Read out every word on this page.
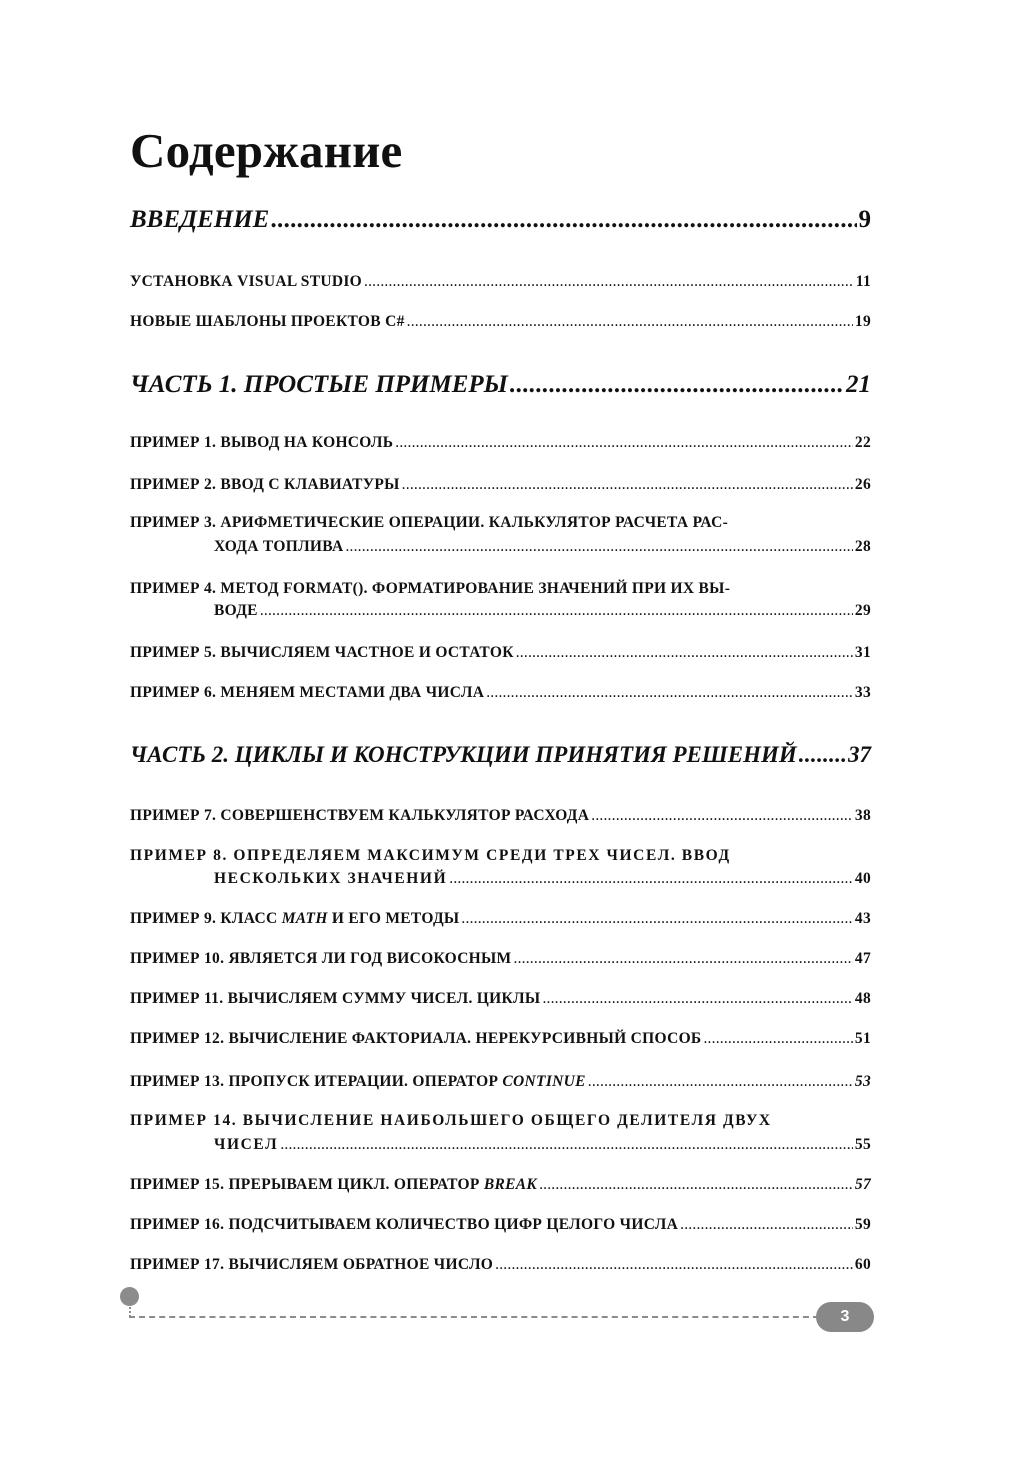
Содержание
ВВЕДЕНИЕ .....	9
УСТАНОВКА VISUAL STUDIO .....	11
НОВЫЕ ШАБЛОНЫ ПРОЕКТОВ C# .....	19
ЧАСТЬ 1. ПРОСТЫЕ ПРИМЕРЫ .....	21
ПРИМЕР 1. ВЫВОД НА КОНСОЛЬ .....	22
ПРИМЕР 2. ВВОД С КЛАВИАТУРЫ .....	26
ПРИМЕР 3. АРИФМЕТИЧЕСКИЕ ОПЕРАЦИИ. КАЛЬКУЛЯТОР РАСЧЕТА РАС-
ХОДА ТОПЛИВА .....	28
ПРИМЕР 4. МЕТОД FORMAT(). ФОРМАТИРОВАНИЕ ЗНАЧЕНИЙ ПРИ ИХ ВЫ-
ВОДЕ .....	29
ПРИМЕР 5. ВЫЧИСЛЯЕМ ЧАСТНОЕ И ОСТАТОК .....	31
ПРИМЕР 6. МЕНЯЕМ МЕСТАМИ ДВА ЧИСЛА .....	33
ЧАСТЬ 2. ЦИКЛЫ И КОНСТРУКЦИИ ПРИНЯТИЯ РЕШЕНИЙ ..... 37
ПРИМЕР 7. СОВЕРШЕНСТВУЕМ КАЛЬКУЛЯТОР РАСХОДА .....	38
ПРИМЕР 8. ОПРЕДЕЛЯЕМ МАКСИМУМ СРЕДИ ТРЕХ ЧИСЕЛ. ВВОД
НЕСКОЛЬКИХ ЗНАЧЕНИЙ .....	40
ПРИМЕР 9. КЛАСС MATH И ЕГО МЕТОДЫ .....	43
ПРИМЕР 10. ЯВЛЯЕТСЯ ЛИ ГОД ВИСОКОСНЫМ .....	47
ПРИМЕР 11. ВЫЧИСЛЯЕМ СУММУ ЧИСЕЛ. ЦИКЛЫ .....	48
ПРИМЕР 12. ВЫЧИСЛЕНИЕ ФАКТОРИАЛА. НЕРЕКУРСИВНЫЙ СПОСОБ .....	51
ПРИМЕР 13. ПРОПУСК ИТЕРАЦИИ. ОПЕРАТОР CONTINUE .....	53
ПРИМЕР 14. ВЫЧИСЛЕНИЕ НАИБОЛЬШЕГО ОБЩЕГО ДЕЛИТЕЛЯ ДВУХ
ЧИСЕЛ .....	55
ПРИМЕР 15. ПРЕРЫВАЕМ ЦИКЛ. ОПЕРАТОР BREAK .....	57
ПРИМЕР 16. ПОДСЧИТЫВАЕМ КОЛИЧЕСТВО ЦИФР ЦЕЛОГО ЧИСЛА .....	59
ПРИМЕР 17. ВЫЧИСЛЯЕМ ОБРАТНОЕ ЧИСЛО .....	60
3
